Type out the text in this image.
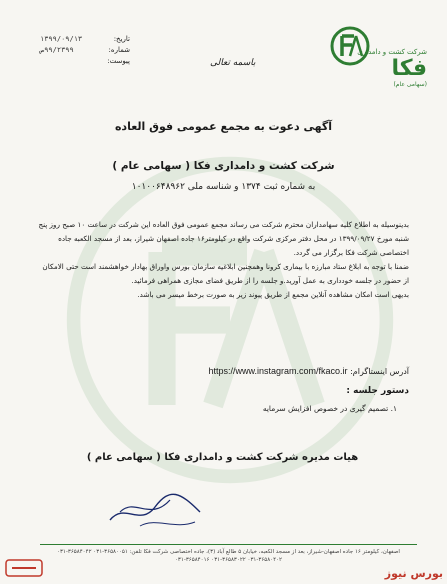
شرکت کشت و دامداری
فکا
(سهامی عام)
تاریخ:
۱۳۹۹/۰۹/۱۳
شماره:
۹۹/۲۳۹۹ص
پیوست:	باسمه تعالی
آگهی دعوت به مجمع عمومی فوق العاده
شرکت کشت و دامداری فکا ( سهامی عام )
به شماره ثبت ۱۳۷۴ و شناسه ملی ۱۰۱۰۰۶۴۸۹۶۲

بدینوسیله به اطلاع کلیه سهامداران محترم شرکت می رساند مجمع عمومی فوق العاده این شرکت در ساعت ۱۰ صبح روز پنج شنبه مورخ ۱۳۹۹/۰۹/۲۷ در محل دفتر مرکزی شرکت واقع در کیلومتر۱۶ جاده اصفهان شیراز، بعد از مسجد الکعبه جاده اختصاصی شرکت فکا برگزار می گردد.

ضمنا با توجه به ابلاغ ستاد مبارزه با بیماری کرونا وهمچنین ابلاغیه سازمان بورس واوراق بهادار خواهشمند است حتی الامکان از حضور در جلسه خودداری به عمل آورید.و جلسه را از طریق فضای مجازی همراهی فرمائید.

بدیهی است امکان مشاهده آنلاین مجمع از طریق پیوند زیر به صورت برخط میسر می باشد.

آدرس اینستاگرام: https://www.instagram.com/fkaco.ir
دستور جلسه :
۱. تصمیم گیری در خصوص افزایش سرمایه
هیات مدیره شرکت کشت و دامداری فکا ( سهامی عام )
اصفهان، کیلومتر ۱۶ جاده اصفهان-شیراز، بعد از مسجد الکعبه، خیابان ۵ طالع آباد (۳)، جاده اختصاصی شرکت فکا تلفن: ۳۶۵۸۰۰۵۱-۰۳۱ ۳۶۵۸۴۰۴۲-۰۳۱ ۳۶۵۸۰۴۰۲-۰۳۱ ۳۶۵۸۳۰۲۲-۰۳۱ ۳۶۵۸۴۰۱۶-۰۳۱
بورس نیوز
